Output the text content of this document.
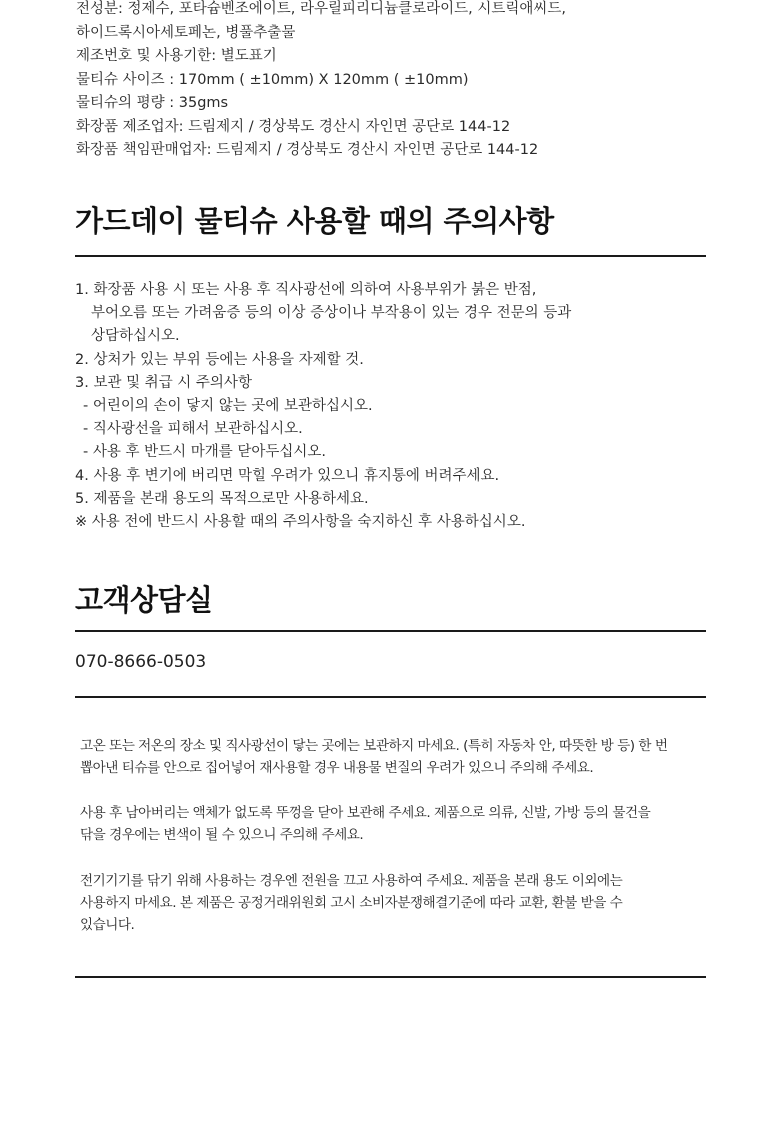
전성분: 정제수, 포타슘벤조에이트, 라우릴피리디늄클로라이드, 시트릭애씨드,
하이드록시아세토페논, 병풀추출물
제조번호 및 사용기한: 별도표기
물티슈 사이즈 : 170mm ( ±10mm) X 120mm ( ±10mm)
물티슈의 평량 : 35gms
화장품 제조업자: 드림제지 / 경상북도 경산시 자인면 공단로 144-12
화장품 책임판매업자: 드림제지 / 경상북도 경산시 자인면 공단로 144-12
가드데이 물티슈 사용할 때의 주의사항
1. 화장품 사용 시 또는 사용 후 직사광선에 의하여 사용부위가 붉은 반점,
부어오름 또는 가려움증 등의 이상 증상이나 부작용이 있는 경우 전문의 등과
상담하십시오.
2. 상처가 있는 부위 등에는 사용을 자제할 것.
3. 보관 및 취급 시 주의사항
- 어린이의 손이 닿지 않는 곳에 보관하십시오.
- 직사광선을 피해서 보관하십시오.
- 사용 후 반드시 마개를 닫아두십시오.
4. 사용 후 변기에 버리면 막힐 우려가 있으니 휴지통에 버려주세요.
5. 제품을 본래 용도의 목적으로만 사용하세요.
※ 사용 전에 반드시 사용할 때의 주의사항을 숙지하신 후 사용하십시오.
고객상담실
070-8666-0503
고온 또는 저온의 장소 및 직사광선이 닿는 곳에는 보관하지 마세요. (특히 자동차 안, 따뜻한 방 등) 한 번
뽑아낸 티슈를 안으로 집어넣어 재사용할 경우 내용물 변질의 우려가 있으니 주의해 주세요.
사용 후 남아버리는 액체가 없도록 뚜껑을 닫아 보관해 주세요. 제품으로 의류, 신발, 가방 등의 물건을
닦을 경우에는 변색이 될 수 있으니 주의해 주세요.
전기기기를 닦기 위해 사용하는 경우엔 전원을 끄고 사용하여 주세요. 제품을 본래 용도 이외에는
사용하지 마세요. 본 제품은 공정거래위원회 고시 소비자분쟁해결기준에 따라 교환, 환불 받을 수
있습니다.
